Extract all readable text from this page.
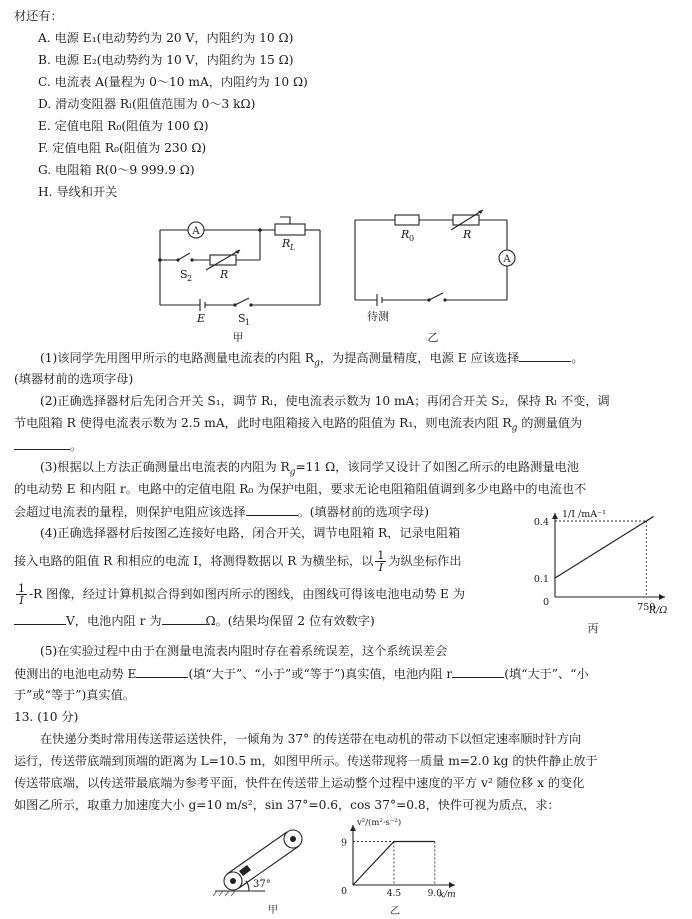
材还有：
A. 电源 E₁(电动势约为 20 V，内阻约为 10 Ω)
B. 电源 E₂(电动势约为 10 V，内阻约为 15 Ω)
C. 电流表 A(量程为 0～10 mA，内阻约为 10 Ω)
D. 滑动变阻器 Rₗ(阻值范围为 0～3 kΩ)
E. 定值电阻 R₀(阻值为 100 Ω)
F. 定值电阻 R₀(阻值为 230 Ω)
G. 电阻箱 R(0～9 999.9 Ω)
H. 导线和开关
A
R L
S 2	R
E	S 1
甲
A
R 0	R
待测
乙
(1)该同学先用图甲所示的电路测量电流表的内阻 $R_g$，为提高测量精度，电源 E 应该选择	。
(填器材前的选项字母)
(2)正确选择器材后先闭合开关 S₁，调节 Rₗ，使电流表示数为 10 mA；再闭合开关 S₂，保持 Rₗ 不变，调
节电阻箱 R 使得电流表示数为 2.5 mA，此时电阻箱接入电路的阻值为 R₁，则电流表内阻 $R_g$ 的测量值为
。
(3)根据以上方法正确测量出电流表的内阻为 $R_g=11$ Ω，该同学又设计了如图乙所示的电路测量电池
的电动势 E 和内阻 r。电路中的定值电阻 R₀ 为保护电阻，要求无论电阻箱阻值调到多少电路中的电流也不
会超过电流表的量程，则保护电阻应该选择	。(填器材前的选项字母)
(4)正确选择器材后按图乙连接好电路，闭合开关，调节电阻箱 R，记录电阻箱
接入电路的阻值 R 和相应的电流 I，将测得数据以 R 为横坐标，以 $\frac{1}{I}$ 为纵坐标作出
$\frac{1}{I} -R$ 图像，经过计算机拟合得到如图丙所示的图线，由图线可得该电池电动势 E 为
V，电池内阻 r 为	Ω。(结果均保留 2 位有效数字)
1/I /mA⁻¹
R/Ω
0.4
0.1
750
0
丙
(5)在实验过程中由于在测量电流表内阻时存在着系统误差，这个系统误差会
使测出的电池电动势 E	(填“大于”、“小于”或“等于”)真实值，电池内阻 r	(填“大于”、“小
于”或“等于”)真实值。
13. (10 分)
在快递分类时常用传送带运送快件，一倾角为 37° 的传送带在电动机的带动下以恒定速率顺时针方向
运行，传送带底端到顶端的距离为 L=10.5 m，如图甲所示。传送带现将一质量 m=2.0 kg 的快件静止放于
传送带底端，以传送带最底端为参考平面，快件在传送带上运动整个过程中速度的平方 v² 随位移 x 的变化
如图乙所示，取重力加速度大小 g=10 m/s²，sin 37°=0.6，cos 37°=0.8，快件可视为质点，求：
37°
甲
v²/(m²·s⁻²)
x/m
9
4.5	9.0
0
乙
